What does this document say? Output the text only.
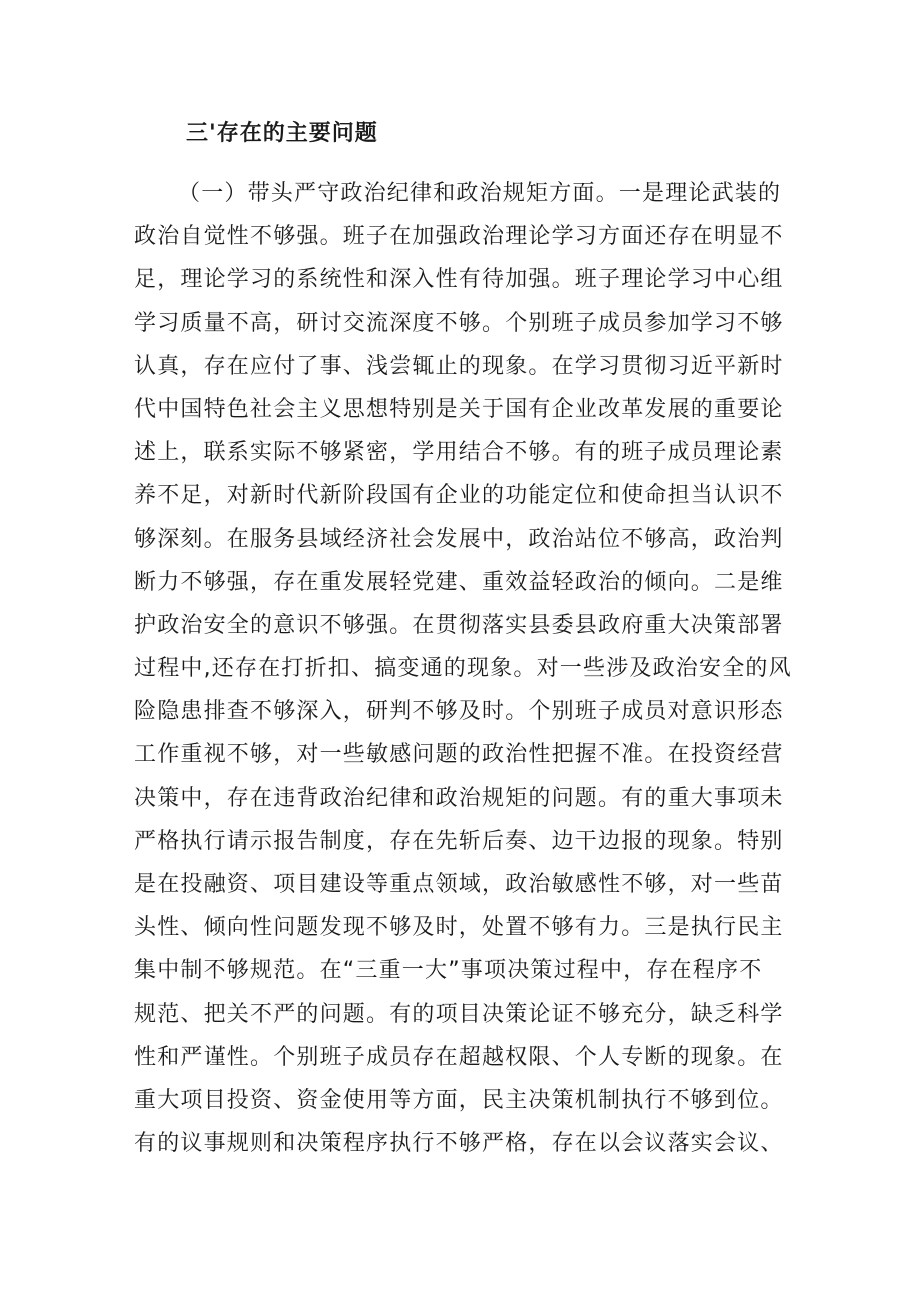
三'存在的主要问题
（一）带头严守政治纪律和政治规矩方面。一是理论武装的
政治自觉性不够强。班子在加强政治理论学习方面还存在明显不
足，理论学习的系统性和深入性有待加强。班子理论学习中心组
学习质量不高，研讨交流深度不够。个别班子成员参加学习不够
认真，存在应付了事、浅尝辄止的现象。在学习贯彻习近平新时
代中国特色社会主义思想特别是关于国有企业改革发展的重要论
述上，联系实际不够紧密，学用结合不够。有的班子成员理论素
养不足，对新时代新阶段国有企业的功能定位和使命担当认识不
够深刻。在服务县域经济社会发展中，政治站位不够高，政治判
断力不够强，存在重发展轻党建、重效益轻政治的倾向。二是维
护政治安全的意识不够强。在贯彻落实县委县政府重大决策部署
过程中,还存在打折扣、搞变通的现象。对一些涉及政治安全的风
险隐患排查不够深入，研判不够及时。个别班子成员对意识形态
工作重视不够，对一些敏感问题的政治性把握不准。在投资经营
决策中，存在违背政治纪律和政治规矩的问题。有的重大事项未
严格执行请示报告制度，存在先斩后奏、边干边报的现象。特别
是在投融资、项目建设等重点领域，政治敏感性不够，对一些苗
头性、倾向性问题发现不够及时，处置不够有力。三是执行民主
集中制不够规范。在“三重一大”事项决策过程中，存在程序不
规范、把关不严的问题。有的项目决策论证不够充分，缺乏科学
性和严谨性。个别班子成员存在超越权限、个人专断的现象。在
重大项目投资、资金使用等方面，民主决策机制执行不够到位。
有的议事规则和决策程序执行不够严格，存在以会议落实会议、
